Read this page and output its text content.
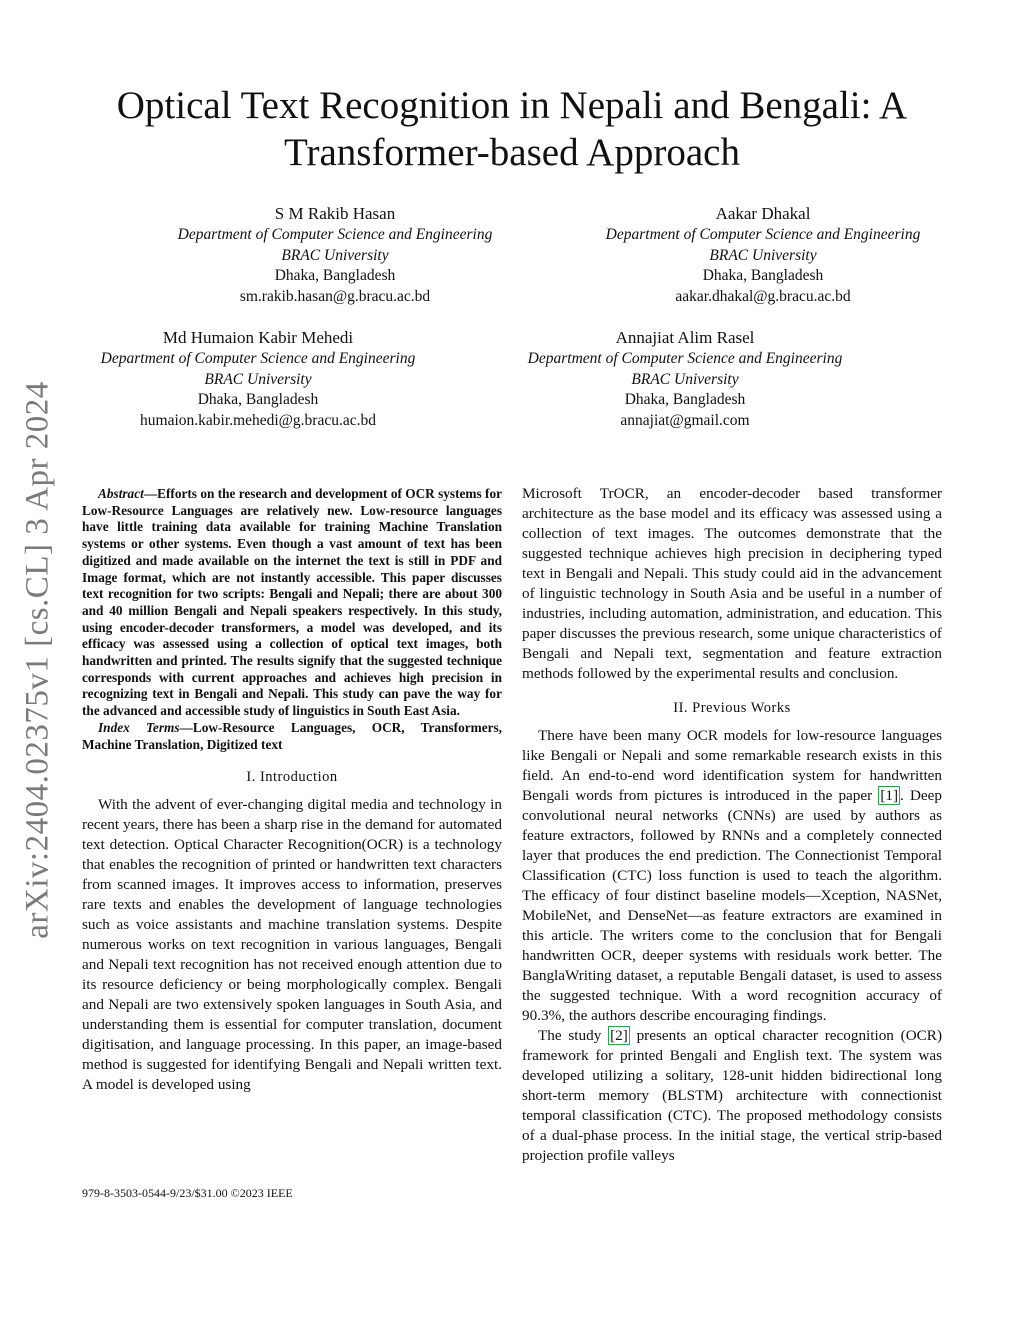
arXiv:2404.02375v1 [cs.CL] 3 Apr 2024
Optical Text Recognition in Nepali and Bengali: A
Transformer-based Approach
S M Rakib Hasan
Department of Computer Science and Engineering
BRAC University
Dhaka, Bangladesh
sm.rakib.hasan@g.bracu.ac.bd
Aakar Dhakal
Department of Computer Science and Engineering
BRAC University
Dhaka, Bangladesh
aakar.dhakal@g.bracu.ac.bd
Md Humaion Kabir Mehedi
Department of Computer Science and Engineering
BRAC University
Dhaka, Bangladesh
humaion.kabir.mehedi@g.bracu.ac.bd
Annajiat Alim Rasel
Department of Computer Science and Engineering
BRAC University
Dhaka, Bangladesh
annajiat@gmail.com

Abstract—Efforts on the research and development of OCR systems for Low-Resource Languages are relatively new. Low-resource languages have little training data available for training Machine Translation systems or other systems. Even though a vast amount of text has been digitized and made available on the internet the text is still in PDF and Image format, which are not instantly accessible. This paper discusses text recognition for two scripts: Bengali and Nepali; there are about 300 and 40 million Bengali and Nepali speakers respectively. In this study, using encoder-decoder transformers, a model was developed, and its efficacy was assessed using a collection of optical text images, both handwritten and printed. The results signify that the suggested technique corresponds with current approaches and achieves high precision in recognizing text in Bengali and Nepali. This study can pave the way for the advanced and accessible study of linguistics in South East Asia.

Index Terms—Low-Resource Languages, OCR, Transformers, Machine Translation, Digitized text

I. Introduction

With the advent of ever-changing digital media and technology in recent years, there has been a sharp rise in the demand for automated text detection. Optical Character Recognition(OCR) is a technology that enables the recognition of printed or handwritten text characters from scanned images. It improves access to information, preserves rare texts and enables the development of language technologies such as voice assistants and machine translation systems. Despite numerous works on text recognition in various languages, Bengali and Nepali text recognition has not received enough attention due to its resource deficiency or being morphologically complex. Bengali and Nepali are two extensively spoken languages in South Asia, and understanding them is essential for computer translation, document digitisation, and language processing. In this paper, an image-based method is suggested for identifying Bengali and Nepali written text. A model is developed using

Microsoft TrOCR, an encoder-decoder based transformer architecture as the base model and its efficacy was assessed using a collection of text images. The outcomes demonstrate that the suggested technique achieves high precision in deciphering typed text in Bengali and Nepali. This study could aid in the advancement of linguistic technology in South Asia and be useful in a number of industries, including automation, administration, and education. This paper discusses the previous research, some unique characteristics of Bengali and Nepali text, segmentation and feature extraction methods followed by the experimental results and conclusion.

II. Previous Works

There have been many OCR models for low-resource languages like Bengali or Nepali and some remarkable research exists in this field. An end-to-end word identification system for handwritten Bengali words from pictures is introduced in the paper [1] . Deep convolutional neural networks (CNNs) are used by authors as feature extractors, followed by RNNs and a completely connected layer that produces the end prediction. The Connectionist Temporal Classification (CTC) loss function is used to teach the algorithm. The efficacy of four distinct baseline models—Xception, NASNet, MobileNet, and DenseNet—as feature extractors are examined in this article. The writers come to the conclusion that for Bengali handwritten OCR, deeper systems with residuals work better. The BanglaWriting dataset, a reputable Bengali dataset, is used to assess the suggested technique. With a word recognition accuracy of 90.3%, the authors describe encouraging findings.

The study [2] presents an optical character recognition (OCR) framework for printed Bengali and English text. The system was developed utilizing a solitary, 128-unit hidden bidirectional long short-term memory (BLSTM) architecture with connectionist temporal classification (CTC). The proposed methodology consists of a dual-phase process. In the initial stage, the vertical strip-based projection profile valleys

979-8-3503-0544-9/23/$31.00 ©2023 IEEE
